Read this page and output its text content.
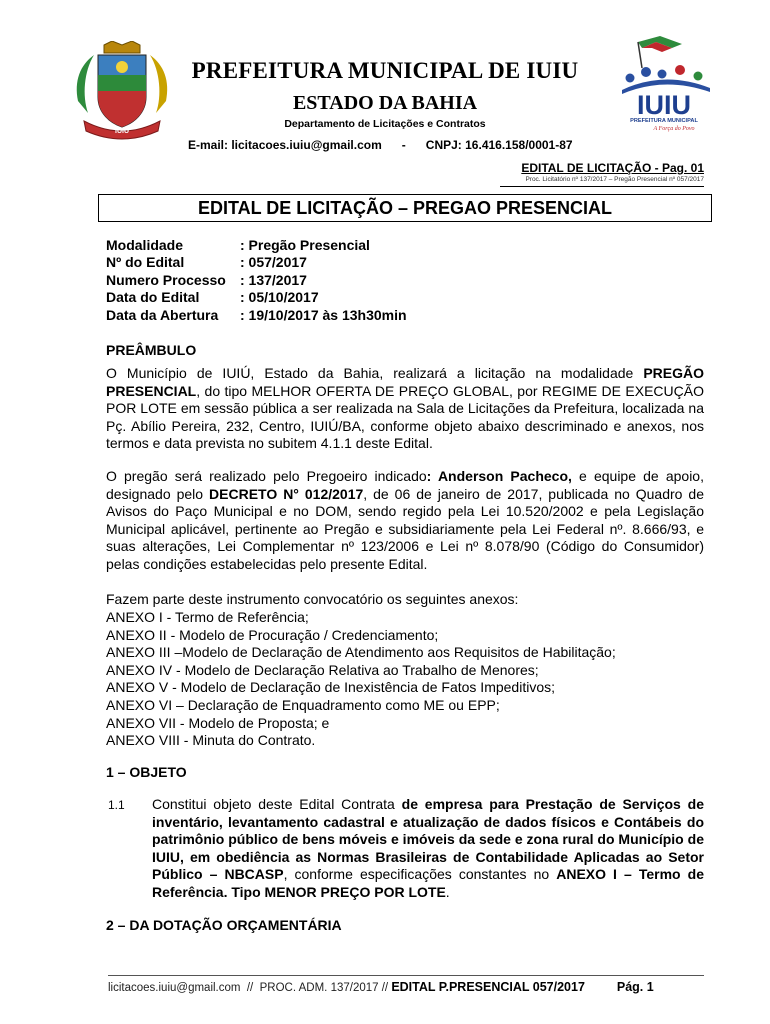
IUIU
IUIU
PREFEITURA MUNICIPAL
A Força do Povo
PREFEITURA MUNICIPAL DE IUIU
ESTADO DA BAHIA
Departamento de Licitações e Contratos
E-mail: licitacoes.iuiu@gmail.com - CNPJ: 16.416.158/0001-87
EDITAL DE LICITAÇÃO - Pag. 01
Proc. Licitatório nº 137/2017 – Pregão Presencial nº 057/2017
EDITAL DE LICITAÇÃO – PREGAO PRESENCIAL
Modalidade	: Pregão Presencial
Nº do Edital	: 057/2017
Numero Processo	: 137/2017
Data do Edital	: 05/10/2017
Data da Abertura	: 19/10/2017 às 13h30min
PREÂMBULO
O Município de IUIÚ, Estado da Bahia, realizará a licitação na modalidade PREGÃO PRESENCIAL, do tipo MELHOR OFERTA DE PREÇO GLOBAL, por REGIME DE EXECUÇÃO POR LOTE em sessão pública a ser realizada na Sala de Licitações da Prefeitura, localizada na Pç. Abílio Pereira, 232, Centro, IUIÚ/BA, conforme objeto abaixo descriminado e anexos, nos termos e data prevista no subitem 4.1.1 deste Edital.
O pregão será realizado pelo Pregoeiro indicado: Anderson Pacheco, e equipe de apoio, designado pelo DECRETO N° 012/2017, de 06 de janeiro de 2017, publicada no Quadro de Avisos do Paço Municipal e no DOM, sendo regido pela Lei 10.520/2002 e pela Legislação Municipal aplicável, pertinente ao Pregão e subsidiariamente pela Lei Federal nº. 8.666/93, e suas alterações, Lei Complementar nº 123/2006 e Lei nº 8.078/90 (Código do Consumidor) pelas condições estabelecidas pelo presente Edital.
Fazem parte deste instrumento convocatório os seguintes anexos:
ANEXO I - Termo de Referência;
ANEXO II - Modelo de Procuração / Credenciamento;
ANEXO III –Modelo de Declaração de Atendimento aos Requisitos de Habilitação;
ANEXO IV - Modelo de Declaração Relativa ao Trabalho de Menores;
ANEXO V - Modelo de Declaração de Inexistência de Fatos Impeditivos;
ANEXO VI – Declaração de Enquadramento como ME ou EPP;
ANEXO VII - Modelo de Proposta; e
ANEXO VIII - Minuta do Contrato.
1 – OBJETO
1.1 Constitui objeto deste Edital Contrata de empresa para Prestação de Serviços de inventário, levantamento cadastral e atualização de dados físicos e Contábeis do patrimônio público de bens móveis e imóveis da sede e zona rural do Município de IUIU, em obediência as Normas Brasileiras de Contabilidade Aplicadas ao Setor Público – NBCASP, conforme especificações constantes no ANEXO I – Termo de Referência. Tipo MENOR PREÇO POR LOTE.
2 – DA DOTAÇÃO ORÇAMENTÁRIA
licitacoes.iuiu@gmail.com  //  PROC. ADM. 137/2017 // EDITAL P.PRESENCIAL 057/2017	Pág. 1
